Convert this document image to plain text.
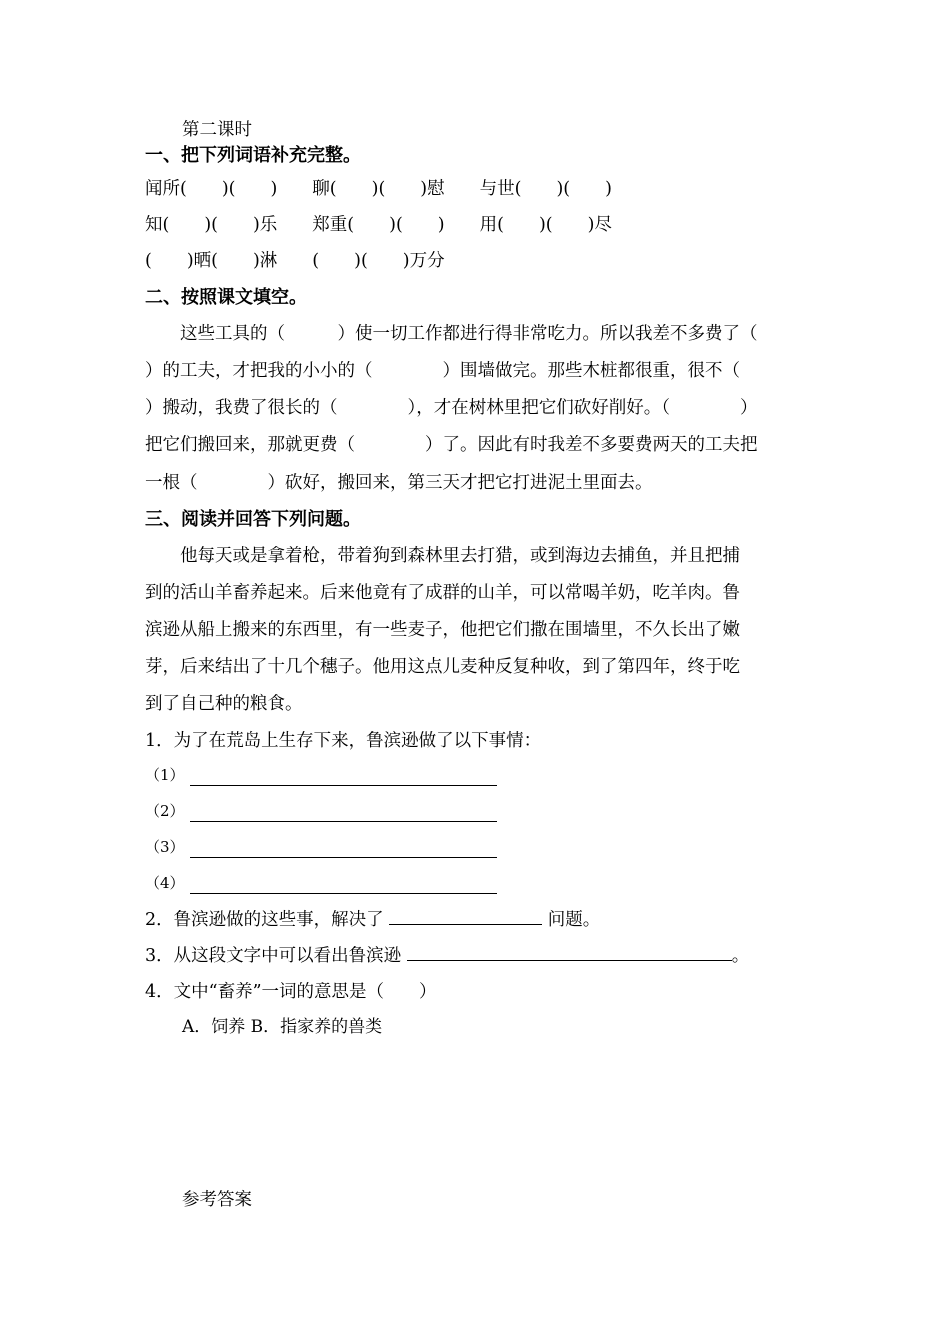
第二课时
一、把下列词语补充完整。
闻所(　　)(　　)　　聊(　　)(　　)慰　　与世(　　)(　　)
知(　　)(　　)乐　　郑重(　　)(　　)　　用(　　)(　　)尽
(　　)晒(　　)淋　　(　　)(　　)万分
二、按照课文填空。
　　这些工具的（　　　）使一切工作都进行得非常吃力。所以我差不多费了（
）的工夫，才把我的小小的（　　　　）围墙做完。那些木桩都很重，很不（
）搬动，我费了很长的（　　　　），才在树林里把它们砍好削好。（　　　　）
把它们搬回来，那就更费（　　　　）了。因此有时我差不多要费两天的工夫把
一根（　　　　）砍好，搬回来，第三天才把它打进泥土里面去。
三、阅读并回答下列问题。
　　他每天或是拿着枪，带着狗到森林里去打猎，或到海边去捕鱼，并且把捕
到的活山羊畜养起来。后来他竟有了成群的山羊，可以常喝羊奶，吃羊肉。鲁
滨逊从船上搬来的东西里，有一些麦子，他把它们撒在围墙里，不久长出了嫩
芽，后来结出了十几个穗子。他用这点儿麦种反复种收，到了第四年，终于吃
到了自己种的粮食。
1．为了在荒岛上生存下来，鲁滨逊做了以下事情：
（1）
（2）
（3）
（4）
2．鲁滨逊做的这些事，解决了	问题。
3．从这段文字中可以看出鲁滨逊	。
4．文中“畜养”一词的意思是（　　）
A．饲养 B．指家养的兽类
参考答案
